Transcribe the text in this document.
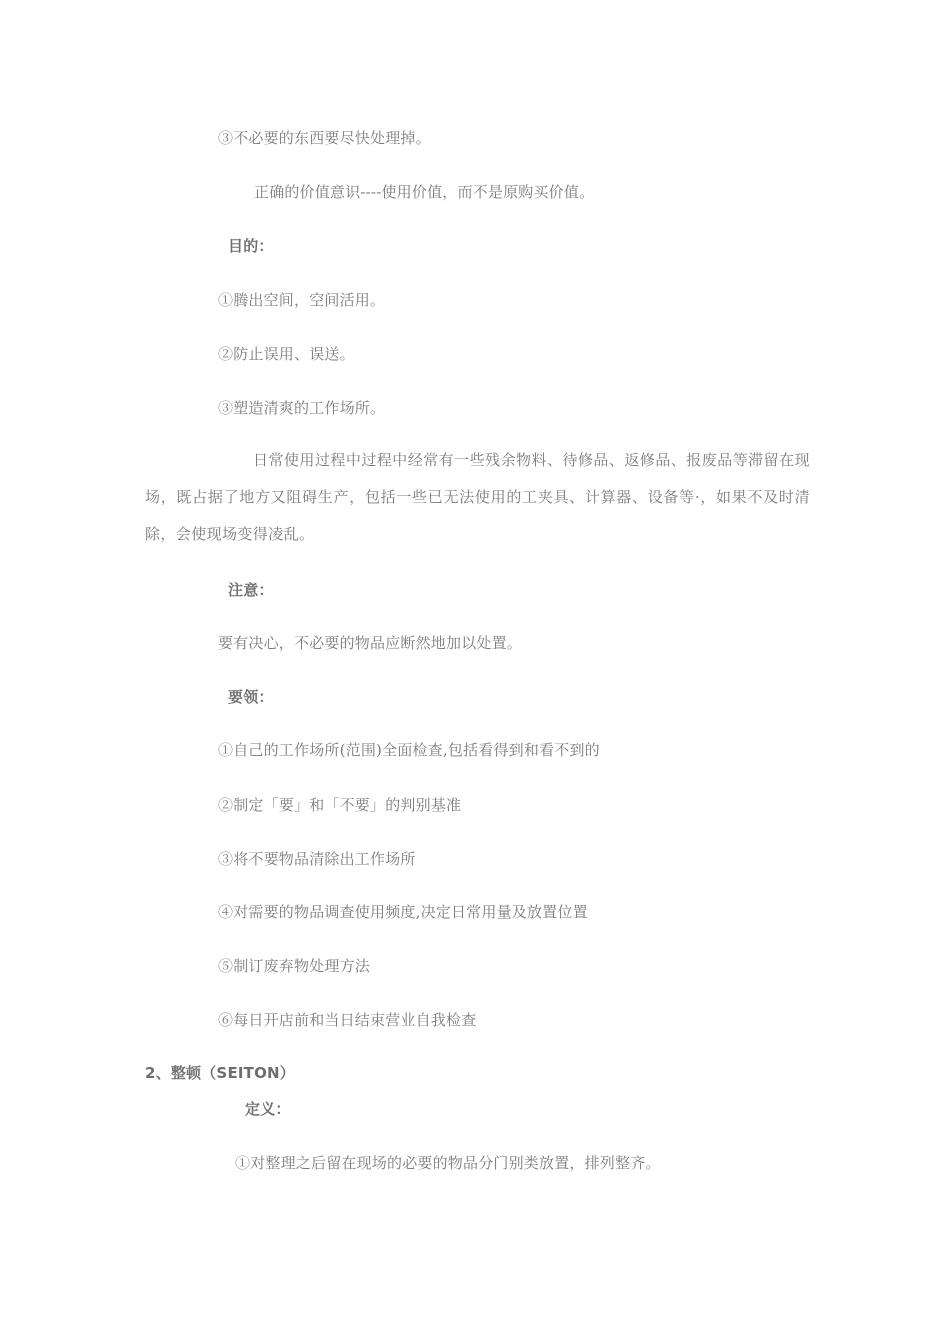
③不必要的东西要尽快处理掉。
正确的价值意识----使用价值，而不是原购买价值。
目的：
①腾出空间，空间活用。
②防止误用、误送。
③塑造清爽的工作场所。
日常使用过程中过程中经常有一些残余物料、待修品、返修品、报废品等滞留在现场，既占据了地方又阻碍生产，包括一些已无法使用的工夹具、计算器、设备等·，如果不及时清除，会使现场变得凌乱。
注意：
要有决心，不必要的物品应断然地加以处置。
要领：
①自己的工作场所(范围)全面检查,包括看得到和看不到的
②制定「要」和「不要」的判别基准
③将不要物品清除出工作场所
④对需要的物品调查使用频度,决定日常用量及放置位置
⑤制订废弃物处理方法
⑥每日开店前和当日结束营业自我检查
2、整顿（SEITON）
定义：
①对整理之后留在现场的必要的物品分门别类放置，排列整齐。
